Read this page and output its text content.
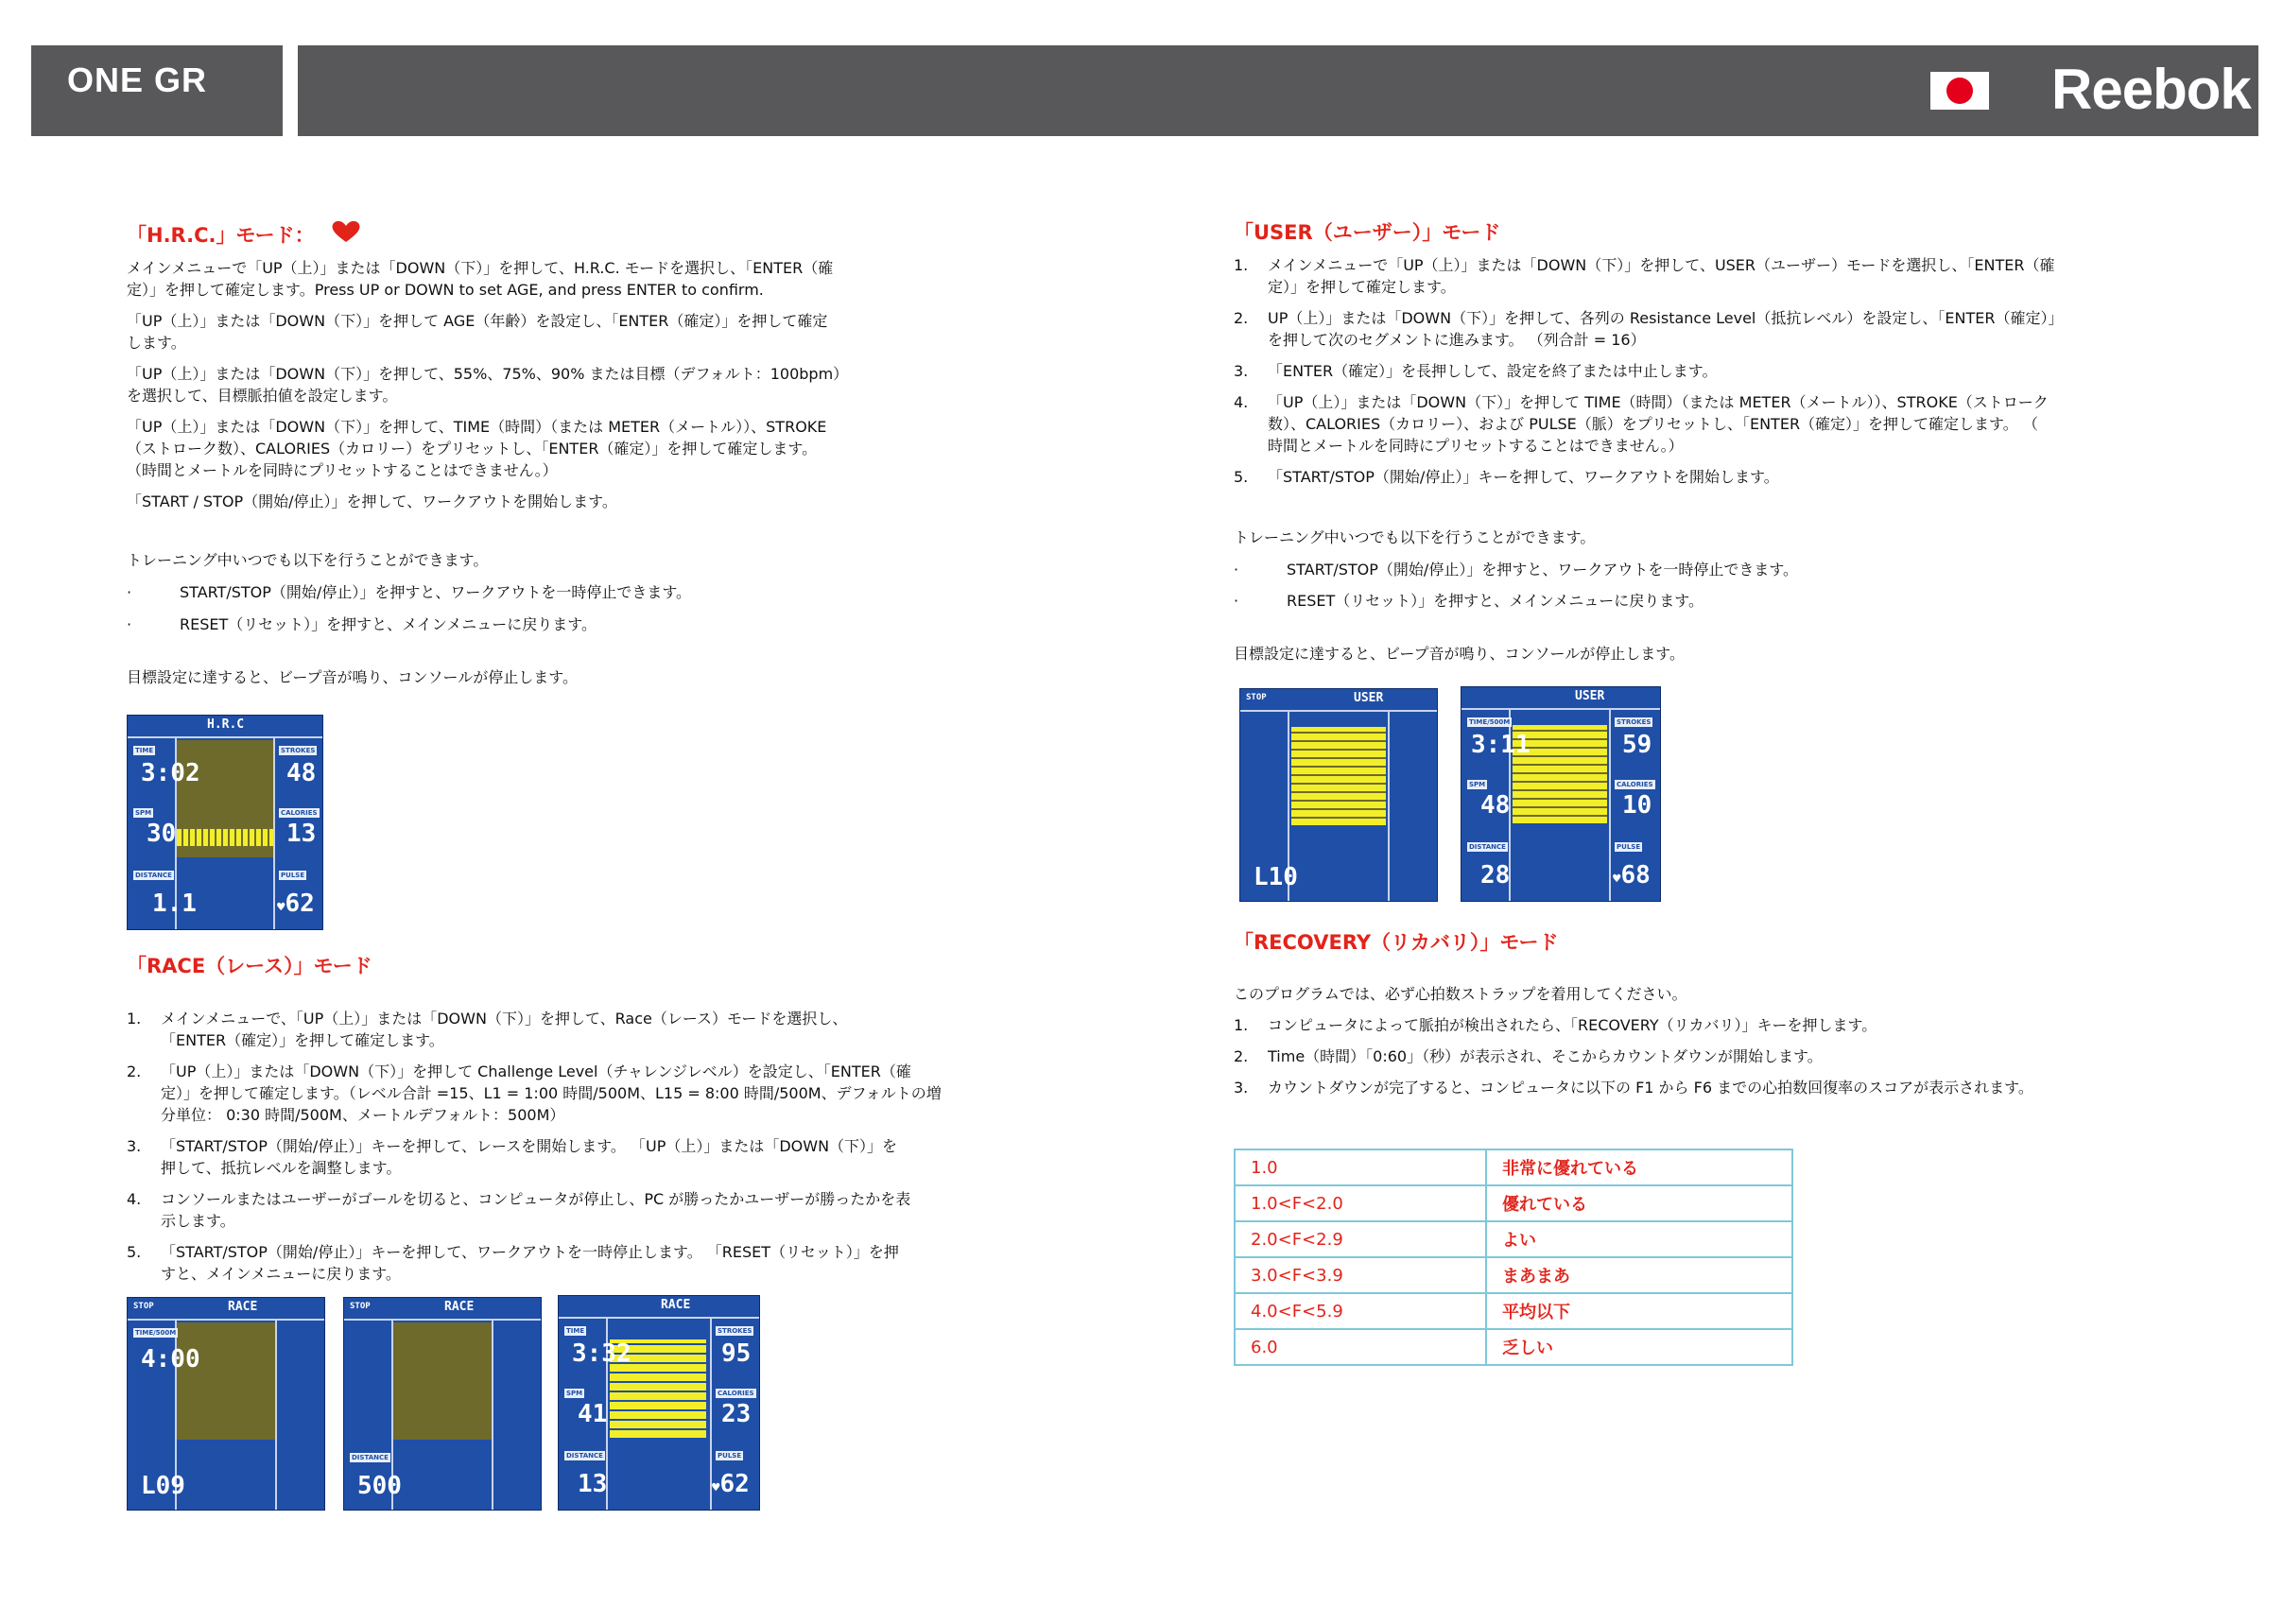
ONE GR	Reebok
「H.R.C.」モード：
メインメニューで「UP（上）」または「DOWN（下）」を押して、H.R.C. モードを選択し、「ENTER（確
定）」を押して確定します。Press UP or DOWN to set AGE, and press ENTER to confirm.
「UP（上）」または「DOWN（下）」を押して AGE（年齢）を設定し、「ENTER（確定）」を押して確定
します。
「UP（上）」または「DOWN（下）」を押して、55%、75%、90% または目標（デフォルト：100bpm）
を選択して、目標脈拍値を設定します。
「UP（上）」または「DOWN（下）」を押して、TIME（時間）（または METER（メートル））、STROKE
（ストローク数）、CALORIES（カロリー）をプリセットし、「ENTER（確定）」を押して確定します。
（時間とメートルを同時にプリセットすることはできません。）
「START / STOP（開始/停止）」を押して、ワークアウトを開始します。
トレーニング中いつでも以下を行うことができます。
·	START/STOP（開始/停止）」を押すと、ワークアウトを一時停止できます。
·	RESET（リセット）」を押すと、メインメニューに戻ります。
目標設定に達すると、ビープ音が鳴り、コンソールが停止します。
H.R.C
TIME
3:02
SPM
30
DISTANCE
1.1
STROKES
48
CALORIES
13
PULSE
♥62
「RACE（レース）」モード
1. メインメニューで、「UP（上）」または「DOWN（下）」を押して、Race（レース）モードを選択し、
「ENTER（確定）」を押して確定します。
2. 「UP（上）」または「DOWN（下）」を押して Challenge Level（チャレンジレベル）を設定し、「ENTER（確
定）」を押して確定します。（レベル合計 =15、L1 = 1:00 時間/500M、L15 = 8:00 時間/500M、デフォルトの増
分単位： 0:30 時間/500M、メートルデフォルト：500M）
3. 「START/STOP（開始/停止）」キーを押して、レースを開始します。 「UP（上）」または「DOWN（下）」を
押して、抵抗レベルを調整します。
4. コンソールまたはユーザーがゴールを切ると、コンピュータが停止し、PC が勝ったかユーザーが勝ったかを表
示します。
5. 「START/STOP（開始/停止）」キーを押して、ワークアウトを一時停止します。 「RESET（リセット）」を押
すと、メインメニューに戻ります。
STOP	RACE
TIME/500M
4:00
L09
STOP	RACE
DISTANCE
500
RACE
TIME
3:32
SPM
41
DISTANCE
13
STROKES
95
CALORIES
23
PULSE
♥62
「USER（ユーザー）」モード
1. メインメニューで「UP（上）」または「DOWN（下）」を押して、USER（ユーザー）モードを選択し、「ENTER（確
定）」を押して確定します。
2. UP（上）」または「DOWN（下）」を押して、各列の Resistance Level（抵抗レベル）を設定し、「ENTER（確定）」
を押して次のセグメントに進みます。 （列合計 = 16）
3. 「ENTER（確定）」を長押しして、設定を終了または中止します。
4. 「UP（上）」または「DOWN（下）」を押して TIME（時間）（または METER（メートル））、STROKE（ストローク
数）、CALORIES（カロリー）、および PULSE（脈）をプリセットし、「ENTER（確定）」を押して確定します。 （
時間とメートルを同時にプリセットすることはできません。）
5. 「START/STOP（開始/停止）」キーを押して、ワークアウトを開始します。
トレーニング中いつでも以下を行うことができます。
·	START/STOP（開始/停止）」を押すと、ワークアウトを一時停止できます。
·	RESET（リセット）」を押すと、メインメニューに戻ります。
目標設定に達すると、ビープ音が鳴り、コンソールが停止します。
STOP	USER
L10
USER
TIME/500M
3:11
SPM
48
DISTANCE
28
STROKES
59
CALORIES
10
PULSE
♥68
「RECOVERY（リカバリ）」モード
このプログラムでは、必ず心拍数ストラップを着用してください。
1. コンピュータによって脈拍が検出されたら、「RECOVERY（リカバリ）」キーを押します。
2. Time（時間）「0:60」（秒）が表示され、そこからカウントダウンが開始します。
3. カウントダウンが完了すると、コンピュータに以下の F1 から F6 までの心拍数回復率のスコアが表示されます。
1.0	非常に優れている
1.0<F<2.0	優れている
2.0<F<2.9	よい
3.0<F<3.9	まあまあ
4.0<F<5.9	平均以下
6.0	乏しい
